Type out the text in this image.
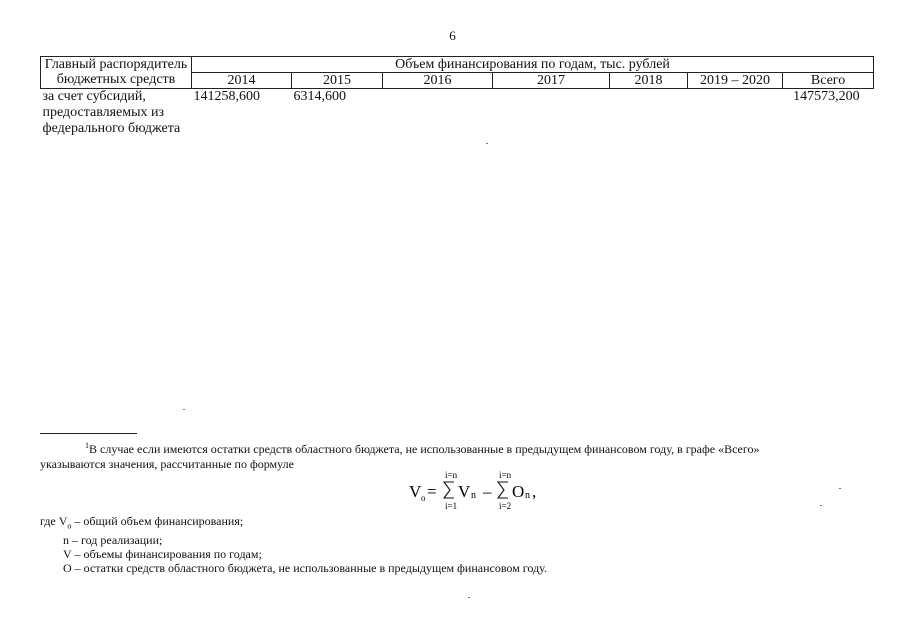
6
Главный распорядитель бюджетных средств	Объем финансирования по годам, тыс. рублей						
	2014	2015	2016	2017	2018	2019 – 2020	Всего
за счет субсидий, предоставляемых из федерального бюджета	141258,600	6314,600					147573,200
$^1$В случае если имеются остатки средств областного бюджета, не использованные в предыдущем финансовом году, в графе «Всего»
указываются значения, рассчитанные по формуле
V o =
i=n
i=1
V n –
i=n
i=2
O n ,
где $V_o$ – общий объем финансирования;
n – год реализации;
V – объемы финансирования по годам;
О – остатки средств областного бюджета, не использованные в предыдущем финансовом году.
